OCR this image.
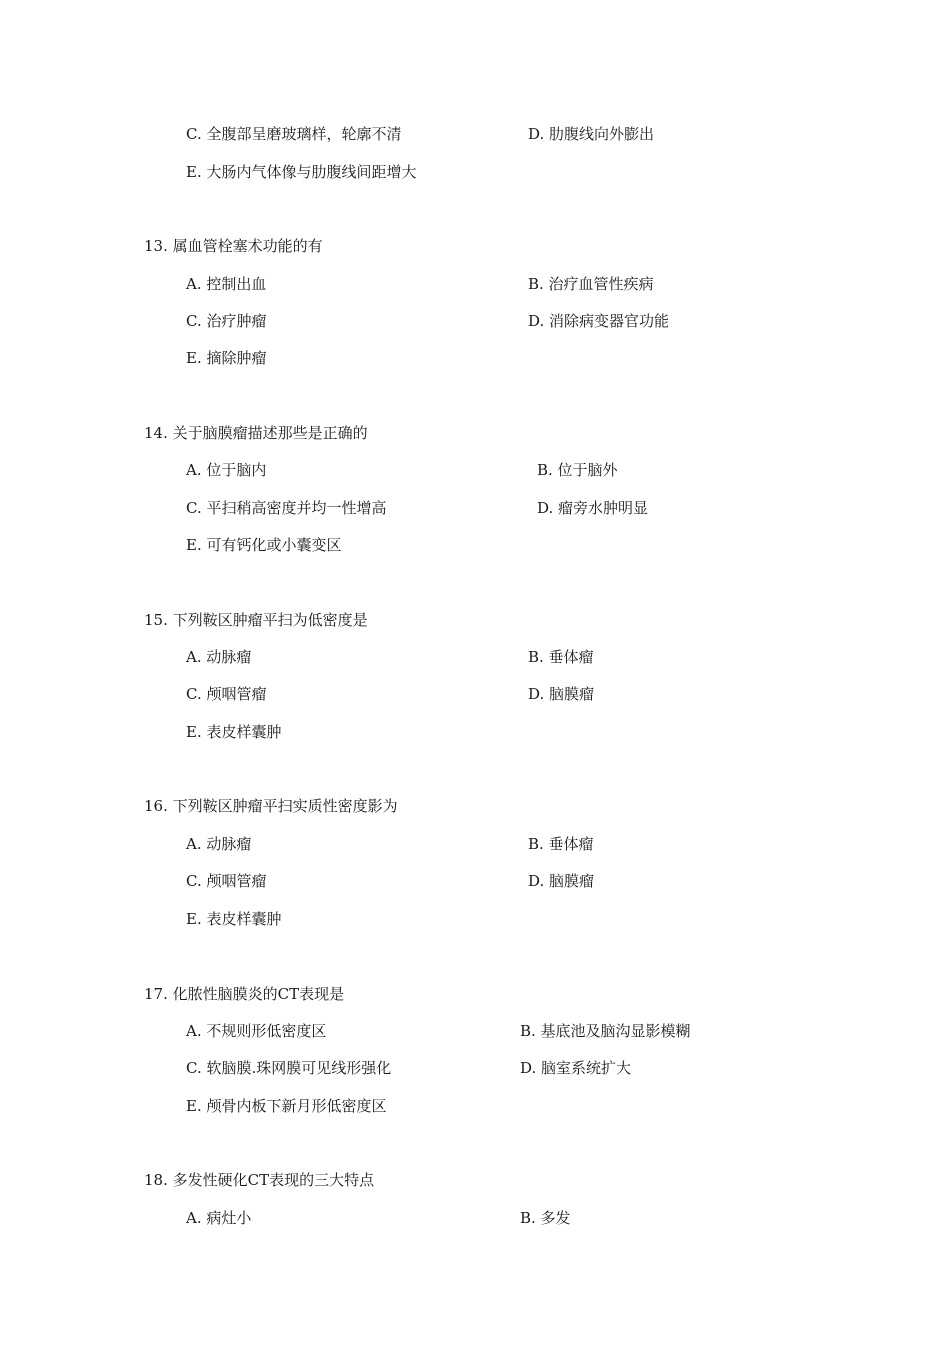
C. 全腹部呈磨玻璃样，轮廓不清	D. 肋腹线向外膨出
E. 大肠内气体像与肋腹线间距增大
13. 属血管栓塞术功能的有
A. 控制出血	B. 治疗血管性疾病
C. 治疗肿瘤	D. 消除病变器官功能
E. 摘除肿瘤
14. 关于脑膜瘤描述那些是正确的
A. 位于脑内	B. 位于脑外
C. 平扫稍高密度并均一性增高	D. 瘤旁水肿明显
E. 可有钙化或小囊变区
15. 下列鞍区肿瘤平扫为低密度是
A. 动脉瘤	B. 垂体瘤
C. 颅咽管瘤	D. 脑膜瘤
E. 表皮样囊肿
16. 下列鞍区肿瘤平扫实质性密度影为
A. 动脉瘤	B. 垂体瘤
C. 颅咽管瘤	D. 脑膜瘤
E. 表皮样囊肿
17. 化脓性脑膜炎的CT表现是
A. 不规则形低密度区	B. 基底池及脑沟显影模糊
C. 软脑膜.珠网膜可见线形强化	D. 脑室系统扩大
E. 颅骨内板下新月形低密度区
18. 多发性硬化CT表现的三大特点
A. 病灶小	B. 多发
